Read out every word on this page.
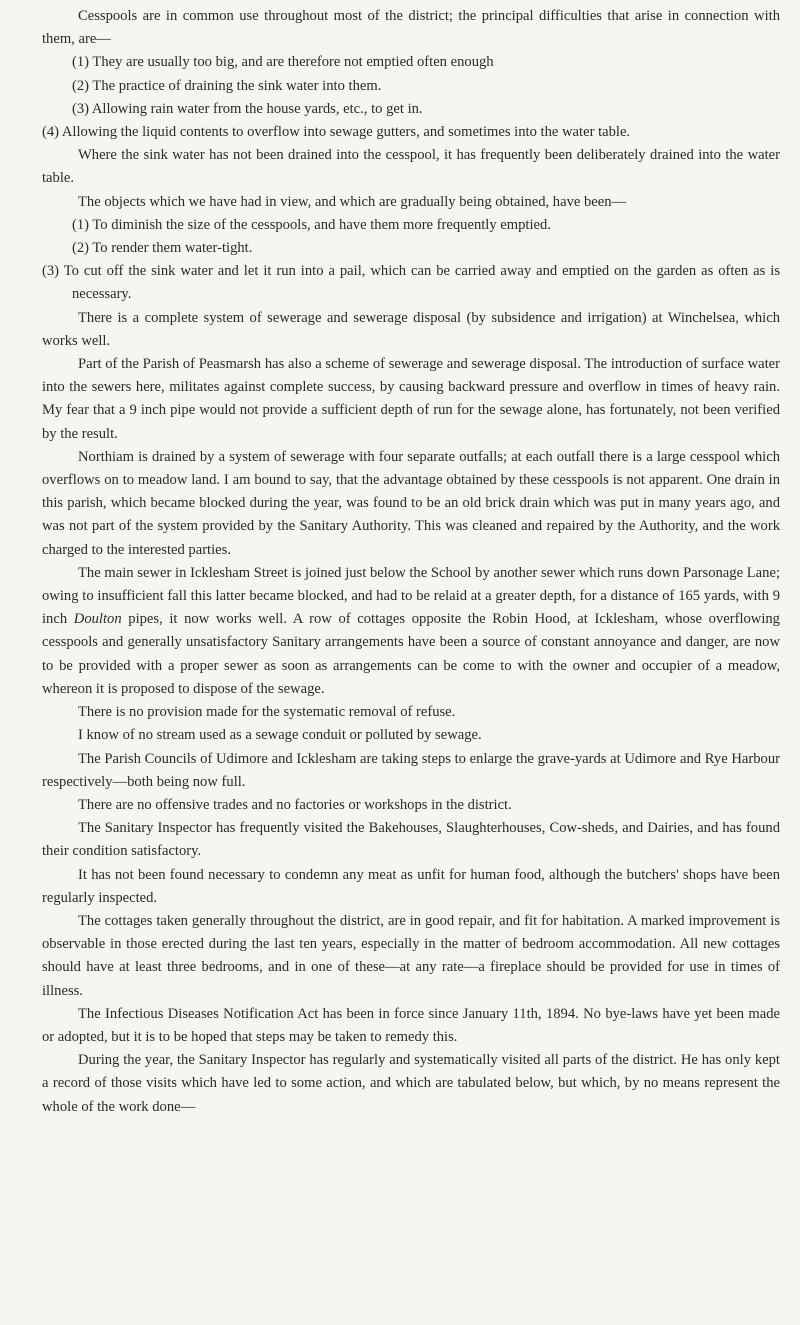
Cesspools are in common use throughout most of the district; the principal difficulties that arise in connection with them, are—

(1) They are usually too big, and are therefore not emptied often enough

(2) The practice of draining the sink water into them.

(3) Allowing rain water from the house yards, etc., to get in.

(4) Allowing the liquid contents to overflow into sewage gutters, and sometimes into the water table.

Where the sink water has not been drained into the cesspool, it has frequently been deliberately drained into the water table.

The objects which we have had in view, and which are gradually being obtained, have been—

(1) To diminish the size of the cesspools, and have them more frequently emptied.

(2) To render them water-tight.

(3) To cut off the sink water and let it run into a pail, which can be carried away and emptied on the garden as often as is necessary.

There is a complete system of sewerage and sewerage disposal (by subsidence and irrigation) at Winchelsea, which works well.

Part of the Parish of Peasmarsh has also a scheme of sewerage and sewerage disposal. The introduction of surface water into the sewers here, militates against complete success, by causing backward pressure and overflow in times of heavy rain. My fear that a 9 inch pipe would not provide a sufficient depth of run for the sewage alone, has fortunately, not been verified by the result.

Northiam is drained by a system of sewerage with four separate outfalls; at each outfall there is a large cesspool which overflows on to meadow land. I am bound to say, that the advantage obtained by these cesspools is not apparent. One drain in this parish, which became blocked during the year, was found to be an old brick drain which was put in many years ago, and was not part of the system provided by the Sanitary Authority. This was cleaned and repaired by the Authority, and the work charged to the interested parties.

The main sewer in Icklesham Street is joined just below the School by another sewer which runs down Parsonage Lane; owing to insufficient fall this latter became blocked, and had to be relaid at a greater depth, for a distance of 165 yards, with 9 inch Doulton pipes, it now works well. A row of cottages opposite the Robin Hood, at Icklesham, whose overflowing cesspools and generally unsatisfactory Sanitary arrangements have been a source of constant annoyance and danger, are now to be provided with a proper sewer as soon as arrangements can be come to with the owner and occupier of a meadow, whereon it is proposed to dispose of the sewage.

There is no provision made for the systematic removal of refuse.

I know of no stream used as a sewage conduit or polluted by sewage.

The Parish Councils of Udimore and Icklesham are taking steps to enlarge the grave-yards at Udimore and Rye Harbour respectively—both being now full.

There are no offensive trades and no factories or workshops in the district.

The Sanitary Inspector has frequently visited the Bakehouses, Slaughterhouses, Cow-sheds, and Dairies, and has found their condition satisfactory.

It has not been found necessary to condemn any meat as unfit for human food, although the butchers' shops have been regularly inspected.

The cottages taken generally throughout the district, are in good repair, and fit for habitation. A marked improvement is observable in those erected during the last ten years, especially in the matter of bedroom accommodation. All new cottages should have at least three bedrooms, and in one of these—at any rate—a fireplace should be provided for use in times of illness.

The Infectious Diseases Notification Act has been in force since January 11th, 1894. No bye-laws have yet been made or adopted, but it is to be hoped that steps may be taken to remedy this.

During the year, the Sanitary Inspector has regularly and systematically visited all parts of the district. He has only kept a record of those visits which have led to some action, and which are tabulated below, but which, by no means represent the whole of the work done—
